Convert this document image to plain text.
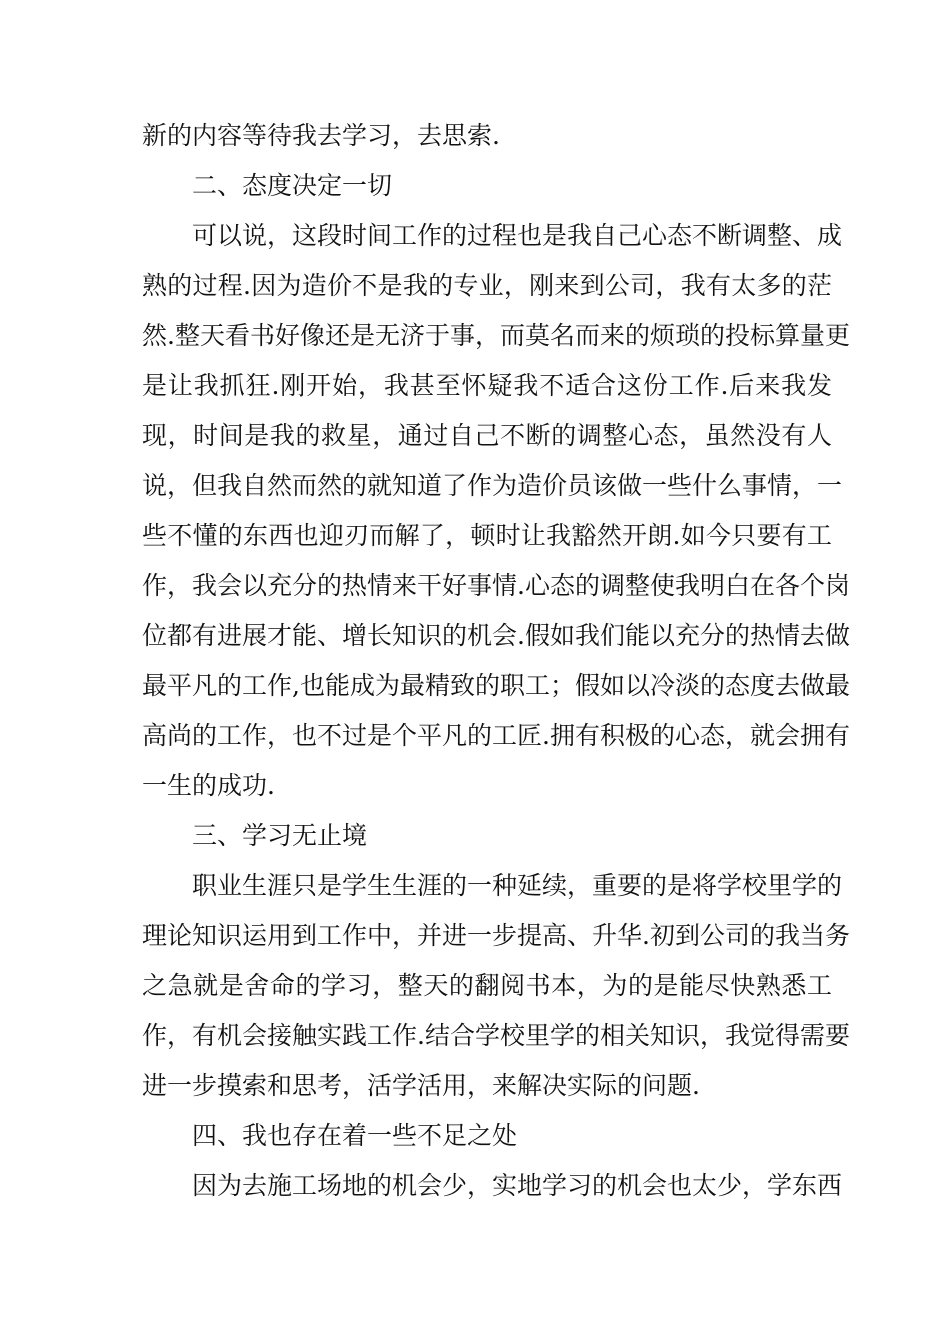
新的内容等待我去学习，去思索.
二、态度决定一切
可以说，这段时间工作的过程也是我自己心态不断调整、成
熟的过程.因为造价不是我的专业，刚来到公司，我有太多的茫
然.整天看书好像还是无济于事，而莫名而来的烦琐的投标算量更
是让我抓狂.刚开始，我甚至怀疑我不适合这份工作.后来我发
现，时间是我的救星，通过自己不断的调整心态，虽然没有人
说，但我自然而然的就知道了作为造价员该做一些什么事情，一
些不懂的东西也迎刃而解了，顿时让我豁然开朗.如今只要有工
作，我会以充分的热情来干好事情.心态的调整使我明白在各个岗
位都有进展才能、增长知识的机会.假如我们能以充分的热情去做
最平凡的工作,也能成为最精致的职工；假如以冷淡的态度去做最
高尚的工作，也不过是个平凡的工匠.拥有积极的心态，就会拥有
一生的成功.
三、学习无止境
职业生涯只是学生生涯的一种延续，重要的是将学校里学的
理论知识运用到工作中，并进一步提高、升华.初到公司的我当务
之急就是舍命的学习，整天的翻阅书本，为的是能尽快熟悉工
作，有机会接触实践工作.结合学校里学的相关知识，我觉得需要
进一步摸索和思考，活学活用，来解决实际的问题.
四、我也存在着一些不足之处
因为去施工场地的机会少，实地学习的机会也太少，学东西
